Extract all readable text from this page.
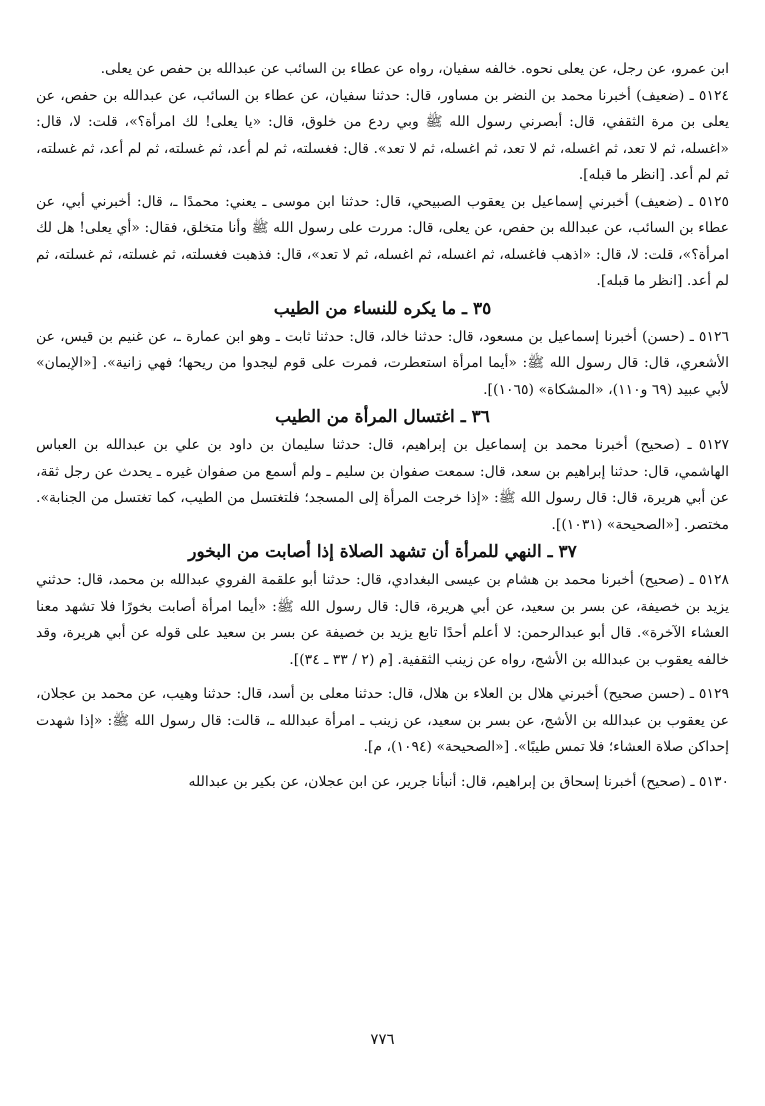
ابن عمرو، عن رجل، عن يعلى نحوه. خالفه سفيان، رواه عن عطاء بن السائب عن عبدالله بن حفص عن يعلى.

٥١٢٤ ـ (ضعيف) أخبرنا محمد بن النضر بن مساور، قال: حدثنا سفيان، عن عطاء بن السائب، عن عبدالله بن حفص، عن يعلى بن مرة الثقفي، قال: أبصرني رسول الله ﷺ وبي ردع من خلوق، قال: «يا يعلى! لك امرأة؟»، قلت: لا، قال: «اغسله، ثم لا تعد، ثم اغسله، ثم لا تعد، ثم اغسله، ثم لا تعد». قال: فغسلته، ثم لم أعد، ثم غسلته، ثم لم أعد، ثم غسلته، ثم لم أعد. [انظر ما قبله].

٥١٢٥ ـ (ضعيف) أخبرني إسماعيل بن يعقوب الصبيحي، قال: حدثنا ابن موسى ـ يعني: محمدًا ـ، قال: أخبرني أبي، عن عطاء بن السائب، عن عبدالله بن حفص، عن يعلى، قال: مررت على رسول الله ﷺ وأنا متخلق، فقال: «أي يعلى! هل لك امرأة؟»، قلت: لا، قال: «اذهب فاغسله، ثم اغسله، ثم اغسله، ثم لا تعد»، قال: فذهبت فغسلته، ثم غسلته، ثم غسلته، ثم لم أعد. [انظر ما قبله].

٣٥ ـ ما يكره للنساء من الطيب

٥١٢٦ ـ (حسن) أخبرنا إسماعيل بن مسعود، قال: حدثنا خالد، قال: حدثنا ثابت ـ وهو ابن عمارة ـ، عن غنيم بن قيس، عن الأشعري، قال: قال رسول الله ﷺ: «أيما امرأة استعطرت، فمرت على قوم ليجدوا من ريحها؛ فهي زانية». [«الإيمان» لأبي عبيد (٦٩ و١١٠)، «المشكاة» (١٠٦٥)].

٣٦ ـ اغتسال المرأة من الطيب

٥١٢٧ ـ (صحيح) أخبرنا محمد بن إسماعيل بن إبراهيم، قال: حدثنا سليمان بن داود بن علي بن عبدالله بن العباس الهاشمي، قال: حدثنا إبراهيم بن سعد، قال: سمعت صفوان بن سليم ـ ولم أسمع من صفوان غيره ـ يحدث عن رجل ثقة، عن أبي هريرة، قال: قال رسول الله ﷺ: «إذا خرجت المرأة إلى المسجد؛ فلتغتسل من الطيب، كما تغتسل من الجنابة». مختصر. [«الصحيحة» (١٠٣١)].

٣٧ ـ النهي للمرأة أن تشهد الصلاة إذا أصابت من البخور

٥١٢٨ ـ (صحيح) أخبرنا محمد بن هشام بن عيسى البغدادي، قال: حدثنا أبو علقمة الفروي عبدالله بن محمد، قال: حدثني يزيد بن خصيفة، عن بسر بن سعيد، عن أبي هريرة، قال: قال رسول الله ﷺ: «أيما امرأة أصابت بخورًا فلا تشهد معنا العشاء الآخرة». قال أبو عبدالرحمن: لا أعلم أحدًا تابع يزيد بن خصيفة عن بسر بن سعيد على قوله عن أبي هريرة، وقد خالفه يعقوب بن عبدالله بن الأشج، رواه عن زينب الثقفية. [م (٢ / ٣٣ ـ ٣٤)].

٥١٢٩ ـ (حسن صحيح) أخبرني هلال بن العلاء بن هلال، قال: حدثنا معلى بن أسد، قال: حدثنا وهيب، عن محمد بن عجلان، عن يعقوب بن عبدالله بن الأشج، عن بسر بن سعيد، عن زينب ـ امرأة عبدالله ـ، قالت: قال رسول الله ﷺ: «إذا شهدت إحداكن صلاة العشاء؛ فلا تمس طيبًا». [«الصحيحة» (١٠٩٤)، م].

٥١٣٠ ـ (صحيح) أخبرنا إسحاق بن إبراهيم، قال: أنبأنا جرير، عن ابن عجلان، عن بكير بن عبدالله

٧٧٦
